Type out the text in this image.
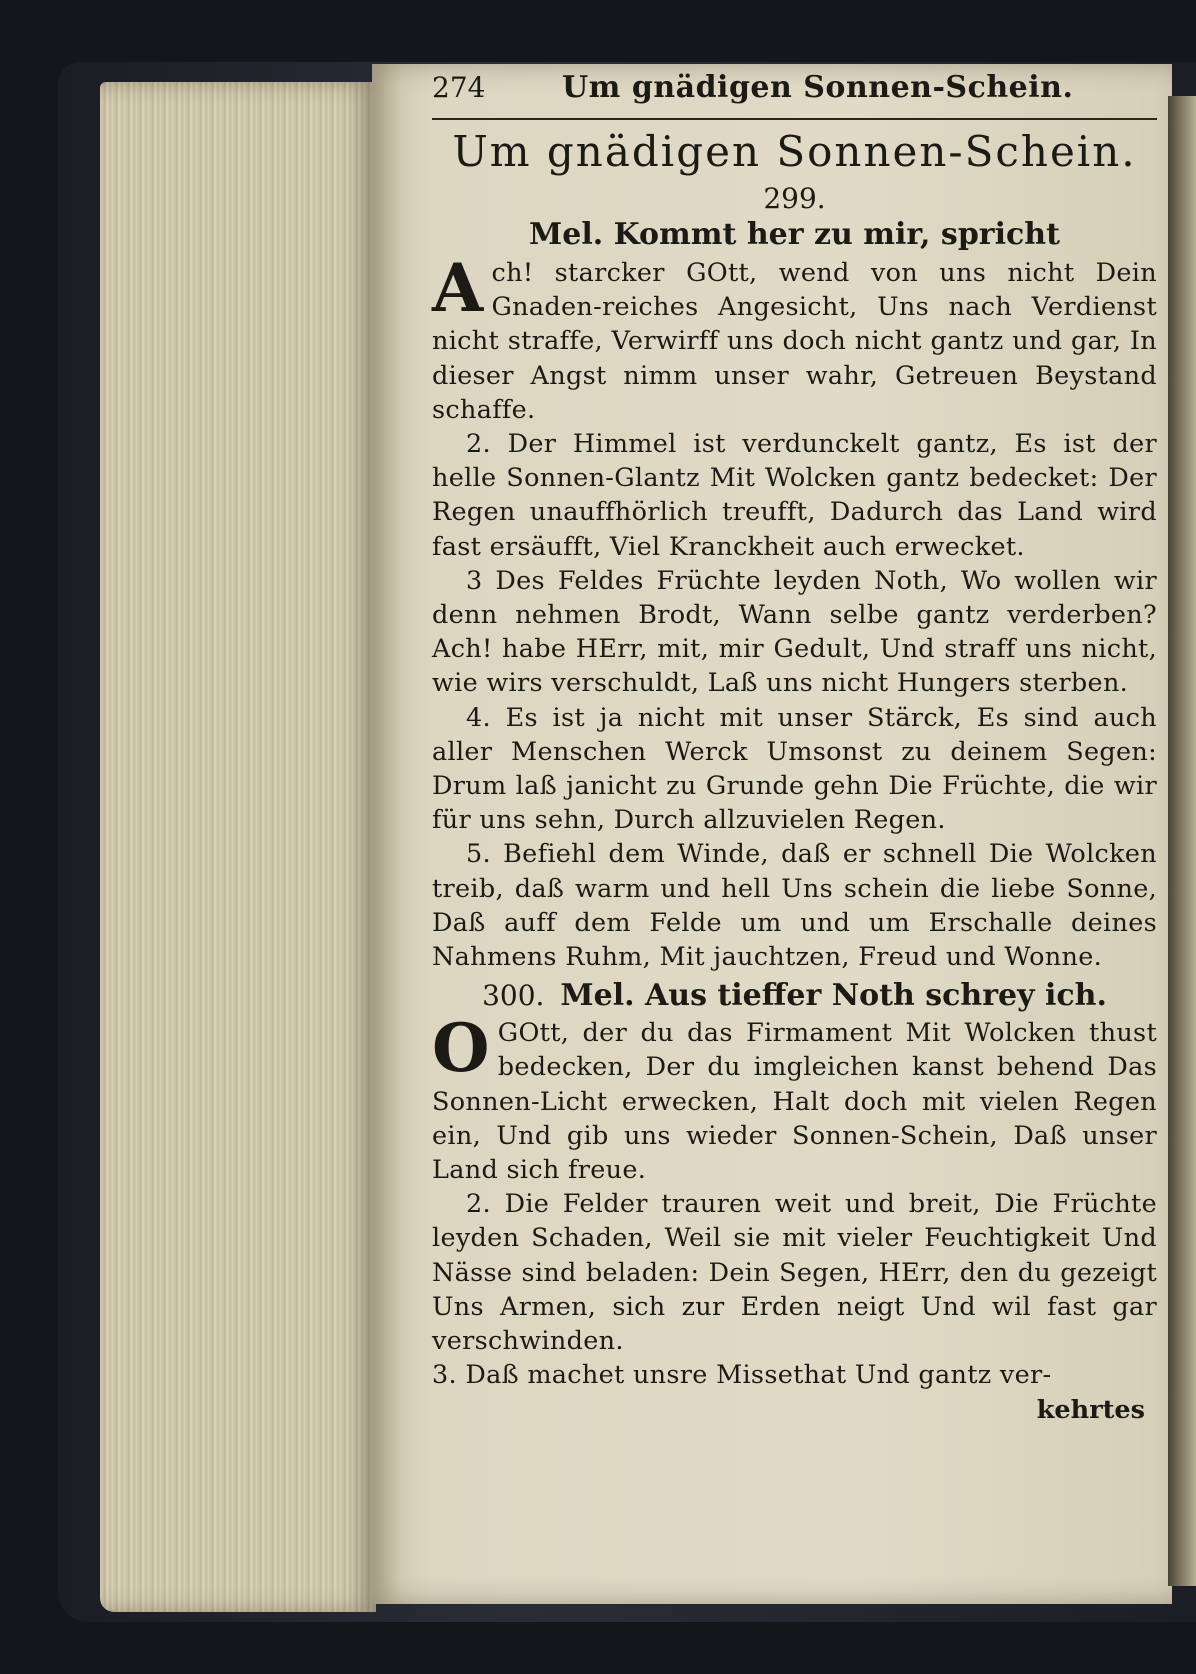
274	Um gnädigen Sonnen-Schein.
Um gnädigen Sonnen-Schein.
299.
Mel. Kommt her zu mir, spricht

Ach! starcker GOtt, wend von uns nicht Dein Gnaden-reiches Angesicht, Uns nach Verdienst nicht straffe, Verwirff uns doch nicht gantz und gar, In dieser Angst nimm unser wahr, Getreuen Beystand schaffe.

2. Der Himmel ist verdunckelt gantz, Es ist der helle Sonnen-Glantz Mit Wolcken gantz bedecket: Der Regen unauffhörlich treufft, Dadurch das Land wird fast ersäufft, Viel Kranckheit auch erwecket.

3 Des Feldes Früchte leyden Noth, Wo wollen wir denn nehmen Brodt, Wann selbe gantz verderben? Ach! habe HErr, mit, mir Gedult, Und straff uns nicht, wie wirs verschuldt, Laß uns nicht Hungers sterben.

4. Es ist ja nicht mit unser Stärck, Es sind auch aller Menschen Werck Umsonst zu deinem Segen: Drum laß janicht zu Grunde gehn Die Früchte, die wir für uns sehn, Durch allzuvielen Regen.

5. Befiehl dem Winde, daß er schnell Die Wolcken treib, daß warm und hell Uns schein die liebe Sonne, Daß auff dem Felde um und um Erschalle deines Nahmens Ruhm, Mit jauchtzen, Freud und Wonne.

300. Mel. Aus tieffer Noth schrey ich.

OGOtt, der du das Firmament Mit Wolcken thust bedecken, Der du imgleichen kanst behend Das Sonnen-Licht erwecken, Halt doch mit vielen Regen ein, Und gib uns wieder Sonnen-Schein, Daß unser Land sich freue.

2. Die Felder trauren weit und breit, Die Früchte leyden Schaden, Weil sie mit vieler Feuchtigkeit Und Nässe sind beladen: Dein Segen, HErr, den du gezeigt Uns Armen, sich zur Erden neigt Und wil fast gar verschwinden.

3. Daß machet unsre Missethat Und gantz ver-

kehrtes
